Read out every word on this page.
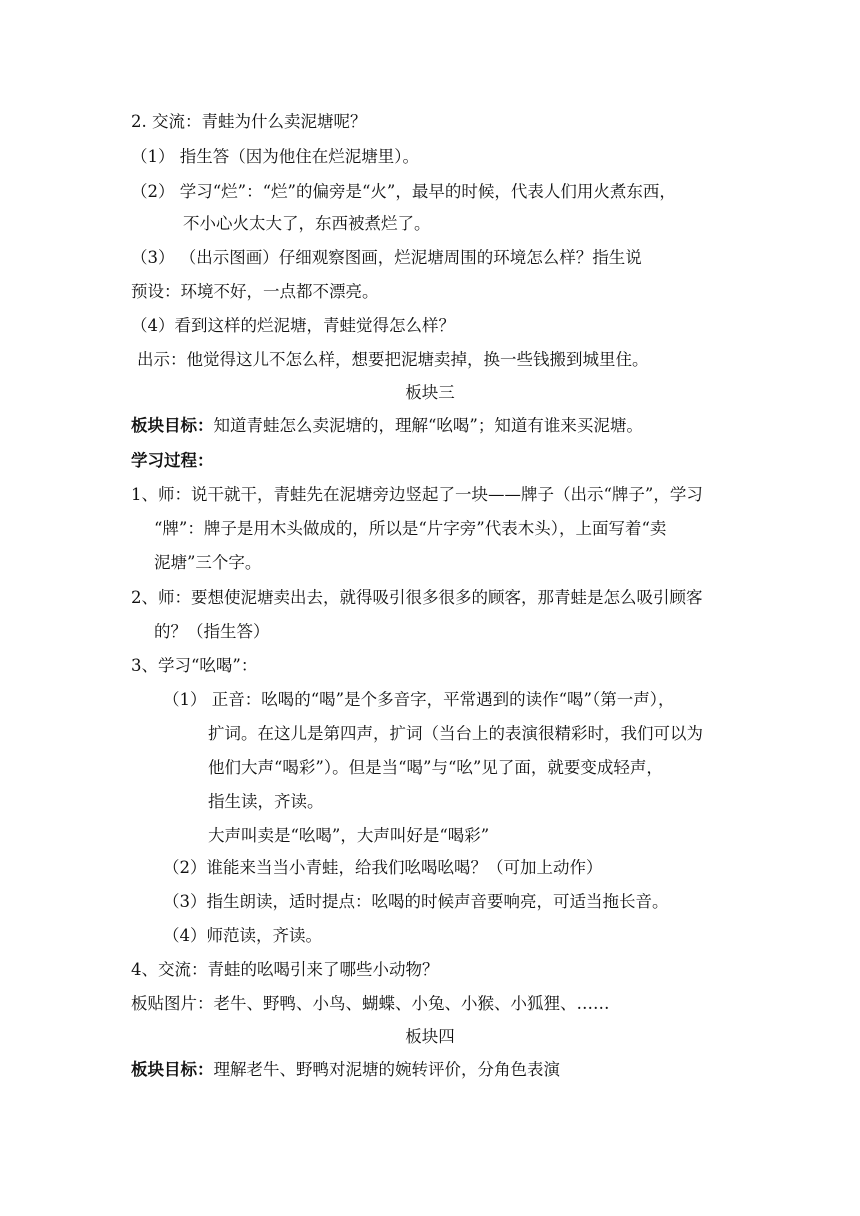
2. 交流：青蛙为什么卖泥塘呢？
（1） 指生答（因为他住在烂泥塘里）。
（2） 学习“烂”：“烂”的偏旁是“火”，最早的时候，代表人们用火煮东西，
不小心火太大了，东西被煮烂了。
（3） （出示图画）仔细观察图画，烂泥塘周围的环境怎么样？指生说
预设：环境不好，一点都不漂亮。
（4）看到这样的烂泥塘，青蛙觉得怎么样？
出示：他觉得这儿不怎么样，想要把泥塘卖掉，换一些钱搬到城里住。
板块三
板块目标：知道青蛙怎么卖泥塘的，理解“吆喝”；知道有谁来买泥塘。
学习过程：
1、师：说干就干，青蛙先在泥塘旁边竖起了一块——牌子（出示“牌子”，学习
“牌”：牌子是用木头做成的，所以是“片字旁”代表木头），上面写着“卖
泥塘”三个字。
2、师：要想使泥塘卖出去，就得吸引很多很多的顾客，那青蛙是怎么吸引顾客
的？（指生答）
3、学习“吆喝”：
（1） 正音：吆喝的“喝”是个多音字，平常遇到的读作“喝”（第一声），
扩词。在这儿是第四声，扩词（当台上的表演很精彩时，我们可以为
他们大声“喝彩”）。但是当“喝”与“吆”见了面，就要变成轻声，
指生读，齐读。
大声叫卖是“吆喝”，大声叫好是“喝彩”
（2）谁能来当当小青蛙，给我们吆喝吆喝？（可加上动作）
（3）指生朗读，适时提点：吆喝的时候声音要响亮，可适当拖长音。
（4）师范读，齐读。
4、交流：青蛙的吆喝引来了哪些小动物？
板贴图片：老牛、野鸭、小鸟、蝴蝶、小兔、小猴、小狐狸、……
板块四
板块目标：理解老牛、野鸭对泥塘的婉转评价，分角色表演
